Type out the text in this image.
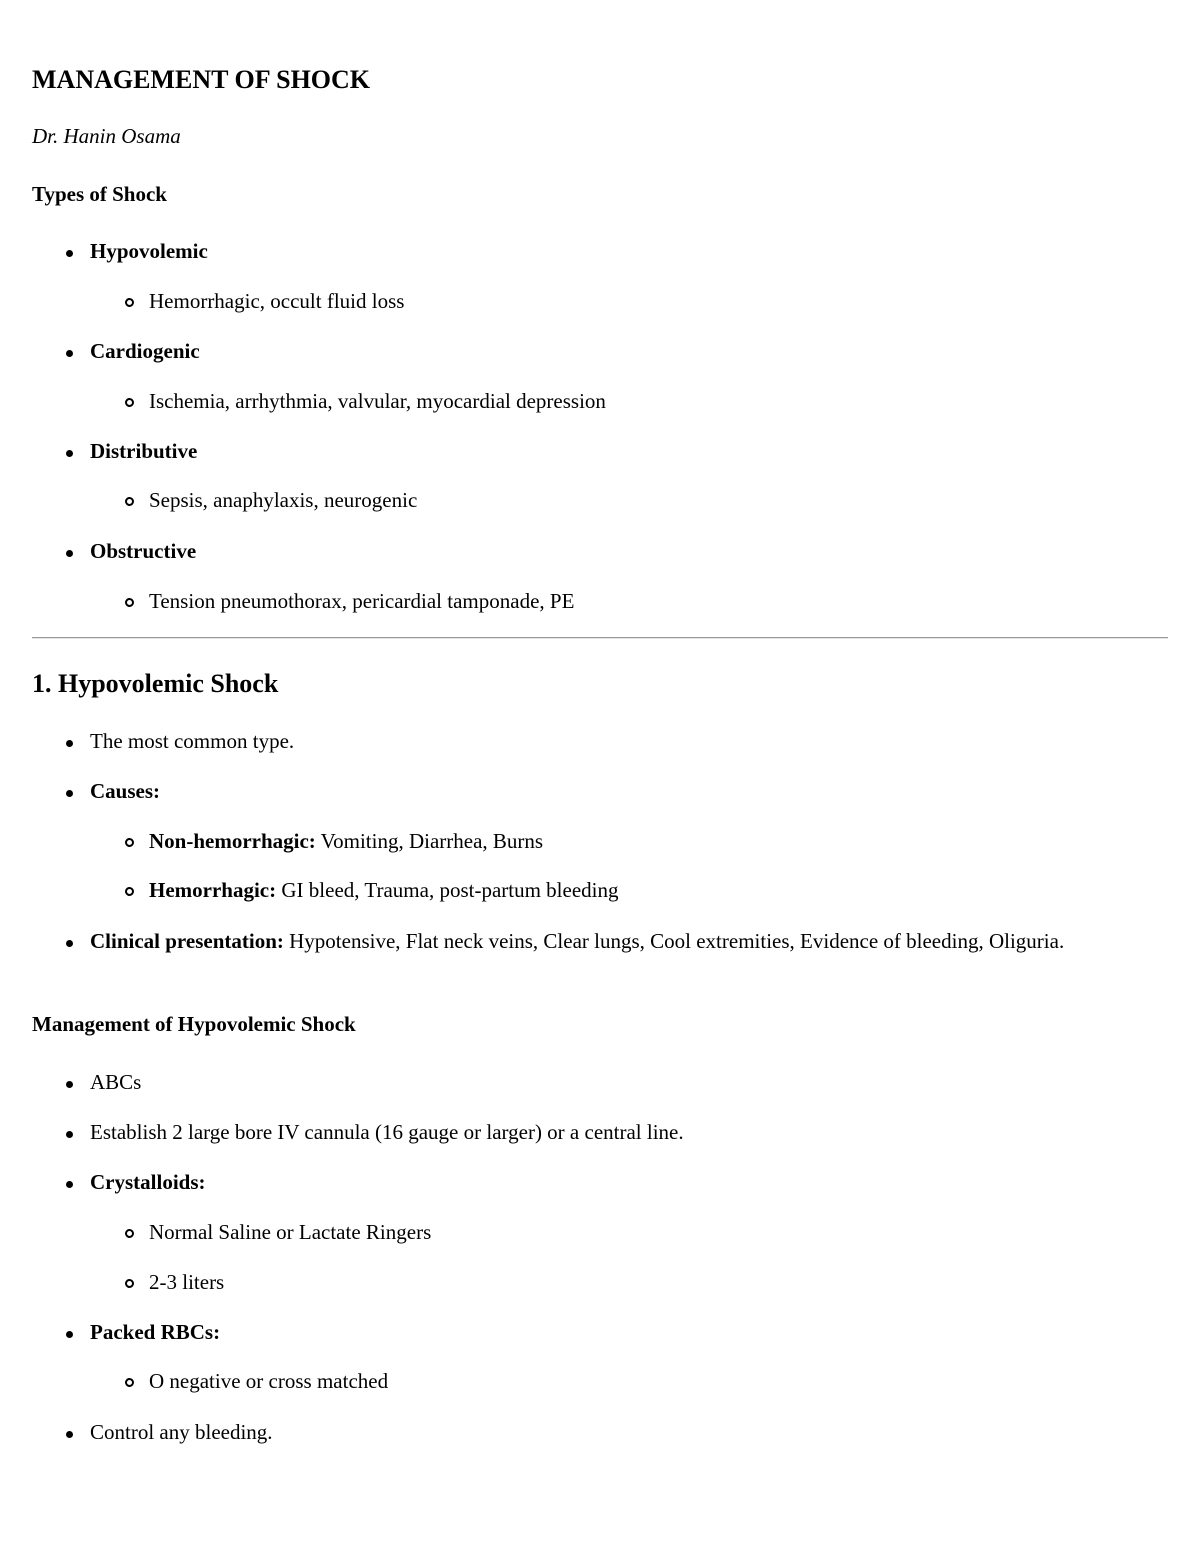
MANAGEMENT OF SHOCK

Dr. Hanin Osama

Types of Shock

Hypovolemic

Hemorrhagic, occult fluid loss

Cardiogenic

Ischemia, arrhythmia, valvular, myocardial depression

Distributive

Sepsis, anaphylaxis, neurogenic

Obstructive

Tension pneumothorax, pericardial tamponade, PE

1. Hypovolemic Shock

The most common type.

Causes:

Non-hemorrhagic: Vomiting, Diarrhea, Burns

Hemorrhagic: GI bleed, Trauma, post-partum bleeding

Clinical presentation: Hypotensive, Flat neck veins, Clear lungs, Cool extremities, Evidence of bleeding, Oliguria.

Management of Hypovolemic Shock

ABCs

Establish 2 large bore IV cannula (16 gauge or larger) or a central line.

Crystalloids:

Normal Saline or Lactate Ringers

2-3 liters

Packed RBCs:

O negative or cross matched

Control any bleeding.
